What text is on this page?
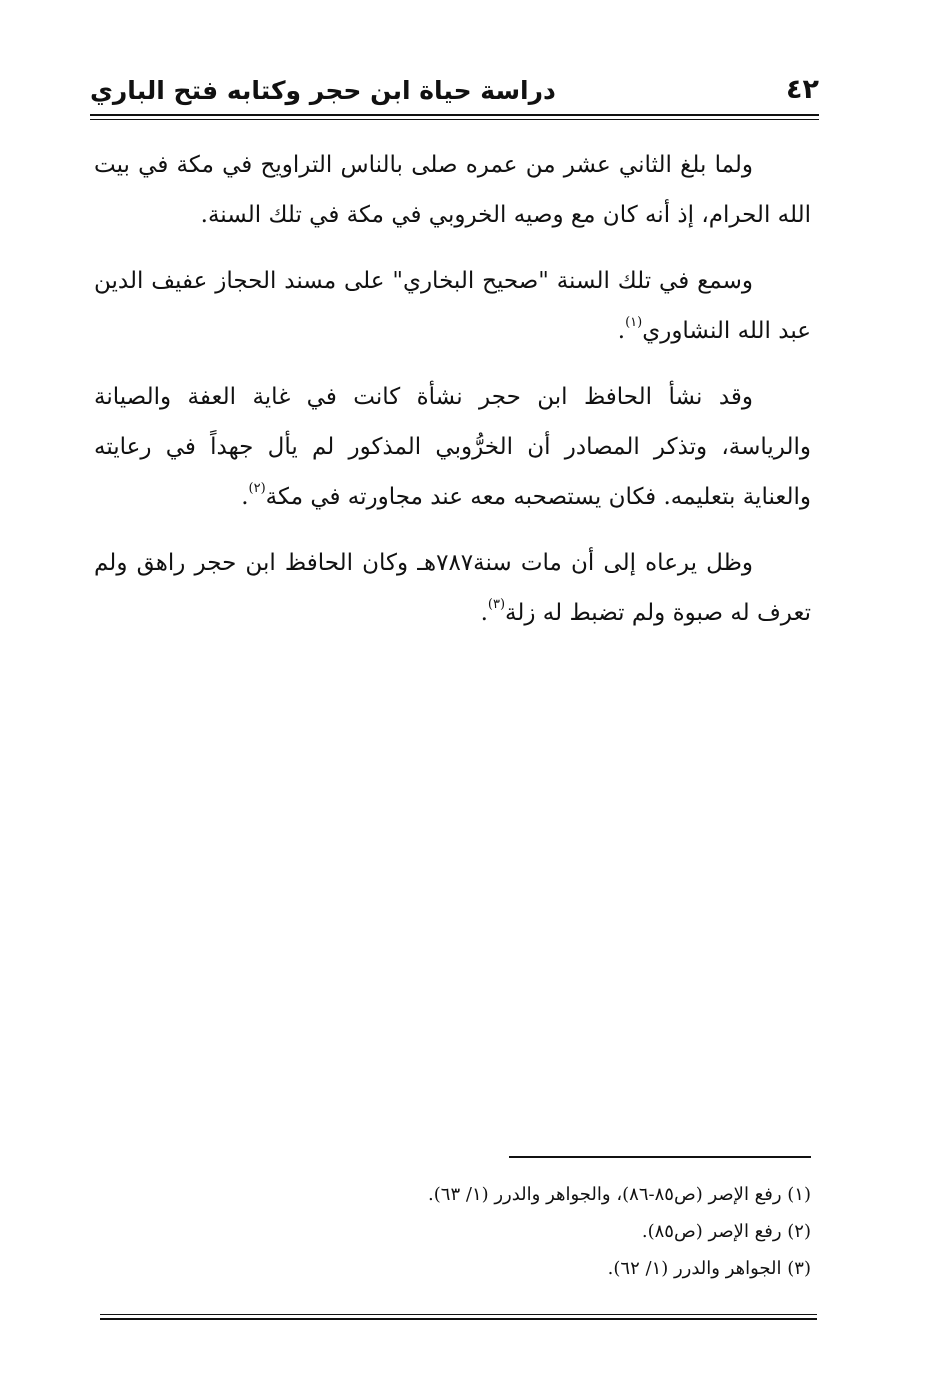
٤٢
دراسة حياة ابن حجر وكتابه فتح الباري

ولما بلغ الثاني عشر من عمره صلى بالناس التراويح في مكة في بيت الله الحرام، إذ أنه كان مع وصيه الخروبي في مكة في تلك السنة.

وسمع في تلك السنة "صحيح البخاري" على مسند الحجاز عفيف الدين عبد الله النشاوري$^{(١)}$.

وقد نشأ الحافظ ابن حجر نشأة كانت في غاية العفة والصيانة والرياسة، وتذكر المصادر أن الخرُّوبي المذكور لم يأل جهداً في رعايته والعناية بتعليمه. فكان يستصحبه معه عند مجاورته في مكة$^{(٢)}$.

وظل يرعاه إلى أن مات سنة٧٨٧هـ وكان الحافظ ابن حجر راهق ولم تعرف له صبوة ولم تضبط له زلة$^{(٣)}$.

(١) رفع الإصر (ص٨٥-٨٦)، والجواهر والدرر (١/ ٦٣).

(٢) رفع الإصر (ص٨٥).

(٣) الجواهر والدرر (١/ ٦٢).
